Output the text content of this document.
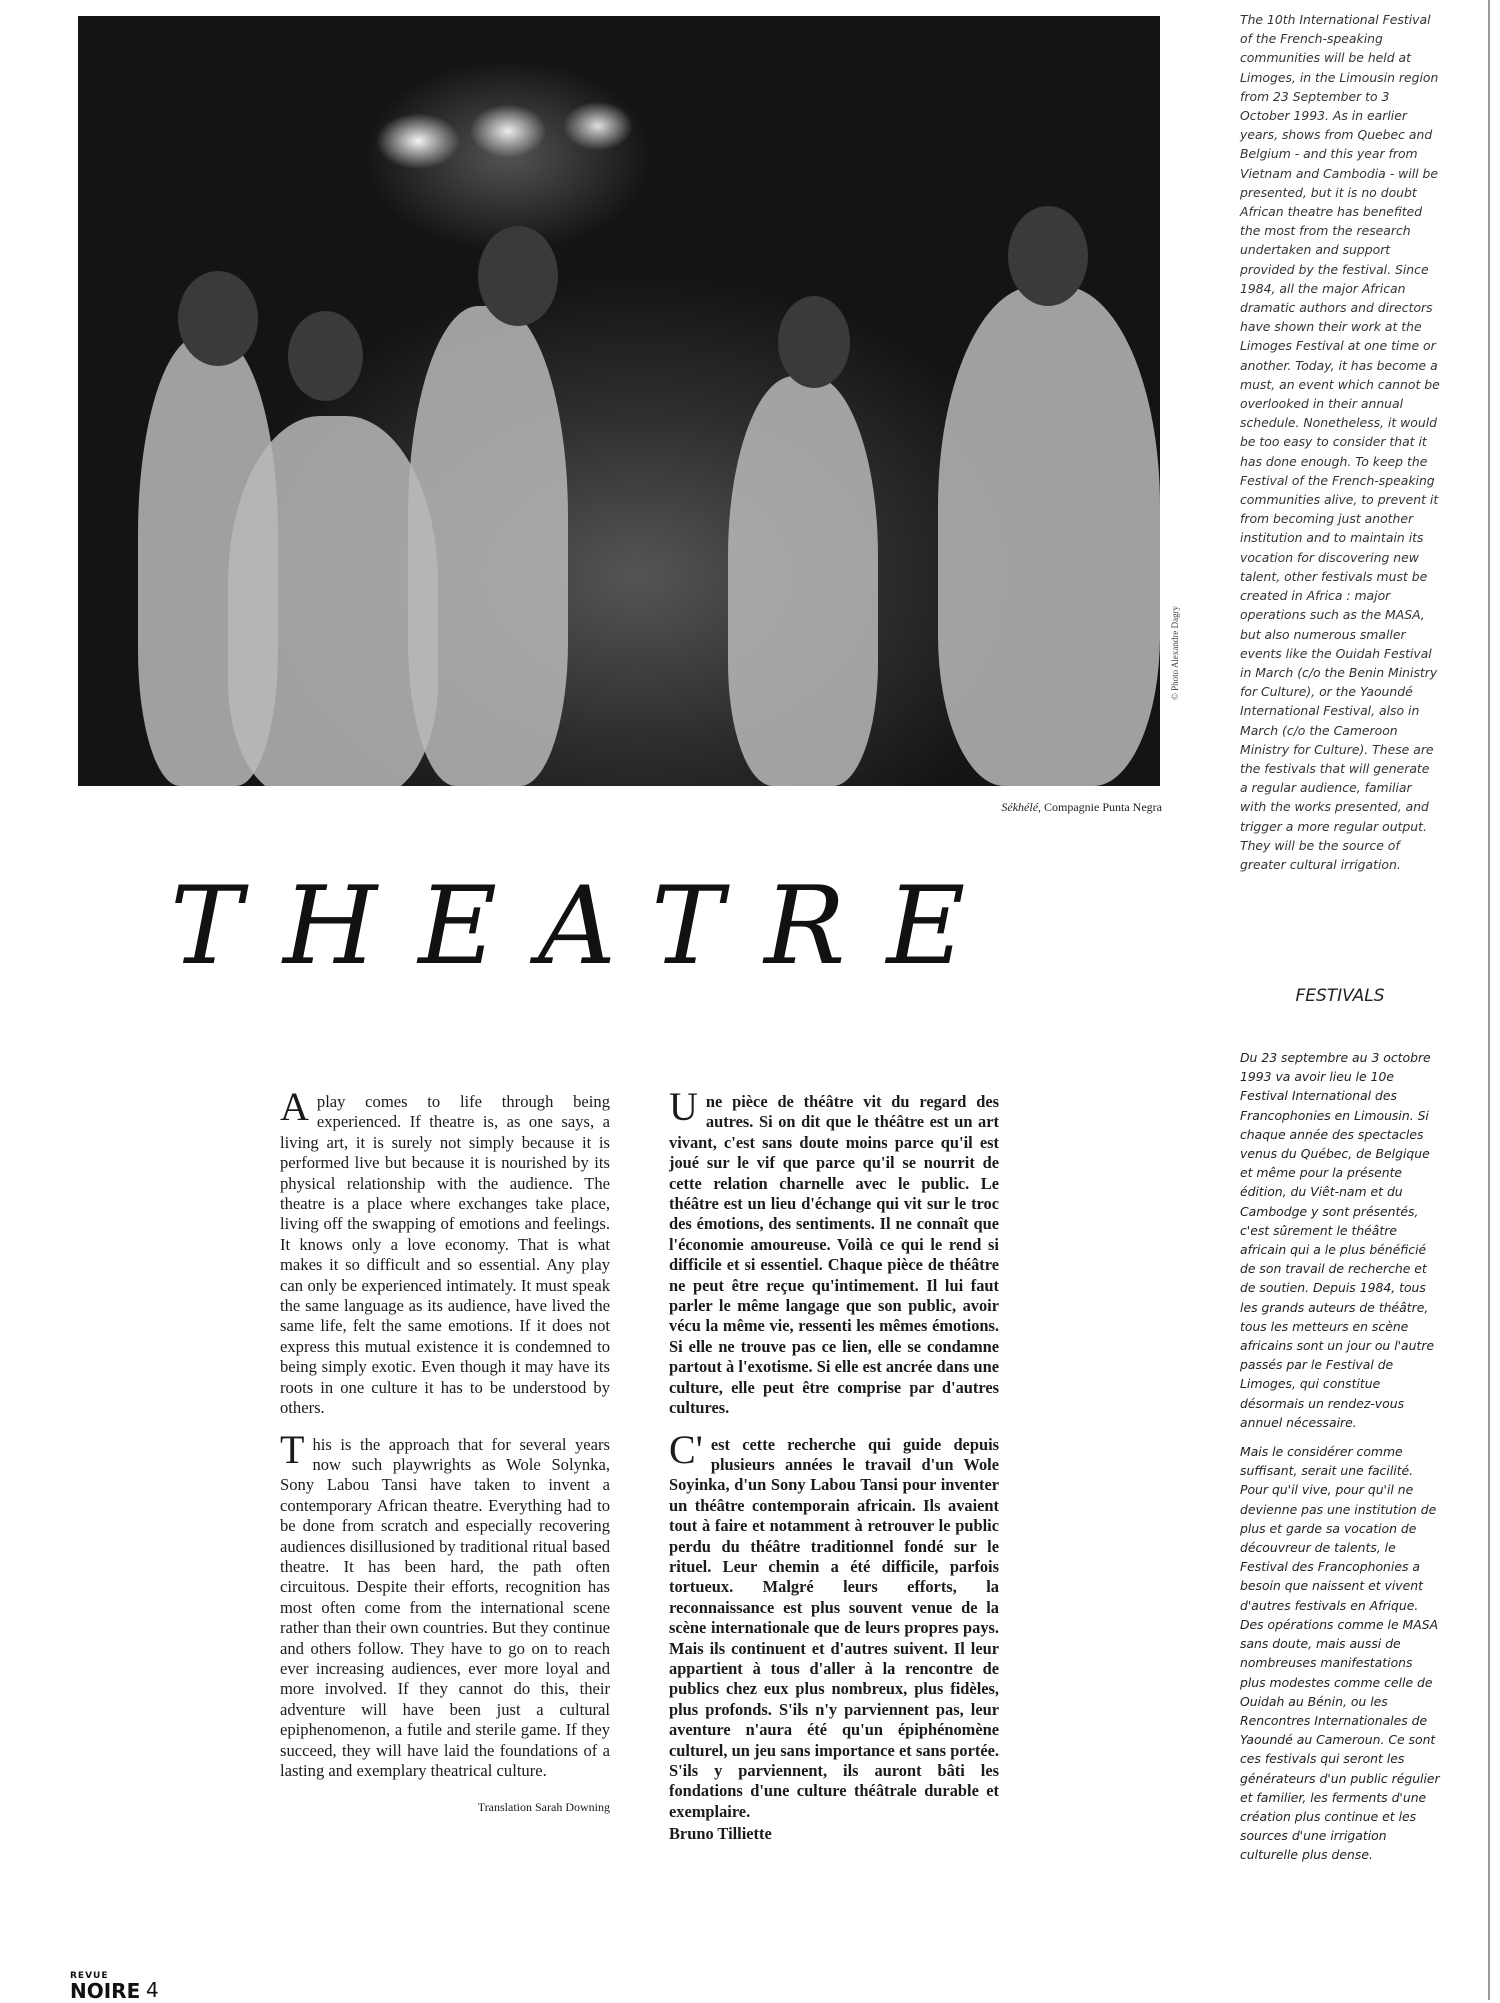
© Photo Alexandre Dagry
Sékhélé, Compagnie Punta Negra
THEATRE
The 10th International Festival of the French-speaking communities will be held at Limoges, in the Limousin region from 23 September to 3 October 1993. As in earlier years, shows from Quebec and Belgium - and this year from Vietnam and Cambodia - will be presented, but it is no doubt African theatre has benefited the most from the research undertaken and support provided by the festival. Since 1984, all the major African dramatic authors and directors have shown their work at the Limoges Festival at one time or another. Today, it has become a must, an event which cannot be overlooked in their annual schedule. Nonetheless, it would be too easy to consider that it has done enough. To keep the Festival of the French-speaking communities alive, to prevent it from becoming just another institution and to maintain its vocation for discovering new talent, other festivals must be created in Africa : major operations such as the MASA, but also numerous smaller events like the Ouidah Festival in March (c/o the Benin Ministry for Culture), or the Yaoundé International Festival, also in March (c/o the Cameroon Ministry for Culture). These are the festivals that will generate a regular audience, familiar with the works presented, and trigger a more regular output. They will be the source of greater cultural irrigation.
FESTIVALS

Du 23 septembre au 3 octobre 1993 va avoir lieu le 10e Festival International des Francophonies en Limousin. Si chaque année des spectacles venus du Québec, de Belgique et même pour la présente édition, du Viêt-nam et du Cambodge y sont présentés, c'est sûrement le théâtre africain qui a le plus bénéficié de son travail de recherche et de soutien. Depuis 1984, tous les grands auteurs de théâtre, tous les metteurs en scène africains sont un jour ou l'autre passés par le Festival de Limoges, qui constitue désormais un rendez-vous annuel nécessaire.

Mais le considérer comme suffisant, serait une facilité. Pour qu'il vive, pour qu'il ne devienne pas une institution de plus et garde sa vocation de découvreur de talents, le Festival des Francophonies a besoin que naissent et vivent d'autres festivals en Afrique. Des opérations comme le MASA sans doute, mais aussi de nombreuses manifestations plus modestes comme celle de Ouidah au Bénin, ou les Rencontres Internationales de Yaoundé au Cameroun. Ce sont ces festivals qui seront les générateurs d'un public régulier et familier, les ferments d'une création plus continue et les sources d'une irrigation culturelle plus dense.

Aplay comes to life through being experienced. If theatre is, as one says, a living art, it is surely not simply because it is performed live but because it is nourished by its physical relationship with the audience. The theatre is a place where exchanges take place, living off the swapping of emotions and feelings. It knows only a love economy. That is what makes it so difficult and so essential. Any play can only be experienced intimately. It must speak the same language as its audience, have lived the same life, felt the same emotions. If it does not express this mutual existence it is condemned to being simply exotic. Even though it may have its roots in one culture it has to be understood by others.

This is the approach that for several years now such playwrights as Wole Solynka, Sony Labou Tansi have taken to invent a contemporary African theatre. Everything had to be done from scratch and especially recovering audiences disillusioned by traditional ritual based theatre. It has been hard, the path often circuitous. Despite their efforts, recognition has most often come from the international scene rather than their own countries. But they continue and others follow. They have to go on to reach ever increasing audiences, ever more loyal and more involved. If they cannot do this, their adventure will have been just a cultural epiphenomenon, a futile and sterile game. If they succeed, they will have laid the foundations of a lasting and exemplary theatrical culture.

Translation Sarah Downing

Une pièce de théâtre vit du regard des autres. Si on dit que le théâtre est un art vivant, c'est sans doute moins parce qu'il est joué sur le vif que parce qu'il se nourrit de cette relation charnelle avec le public. Le théâtre est un lieu d'échange qui vit sur le troc des émotions, des sentiments. Il ne connaît que l'économie amoureuse. Voilà ce qui le rend si difficile et si essentiel. Chaque pièce de théâtre ne peut être reçue qu'intimement. Il lui faut parler le même langage que son public, avoir vécu la même vie, ressenti les mêmes émotions. Si elle ne trouve pas ce lien, elle se condamne partout à l'exotisme. Si elle est ancrée dans une culture, elle peut être comprise par d'autres cultures.

C' est cette recherche qui guide depuis plusieurs années le travail d'un Wole Soyinka, d'un Sony Labou Tansi pour inventer un théâtre contemporain africain. Ils avaient tout à faire et notamment à retrouver le public perdu du théâtre traditionnel fondé sur le rituel. Leur chemin a été difficile, parfois tortueux. Malgré leurs efforts, la reconnaissance est plus souvent venue de la scène internationale que de leurs propres pays. Mais ils continuent et d'autres suivent. Il leur appartient à tous d'aller à la rencontre de publics chez eux plus nombreux, plus fidèles, plus profonds. S'ils n'y parviennent pas, leur aventure n'aura été qu'un épiphénomène culturel, un jeu sans importance et sans portée. S'ils y parviennent, ils auront bâti les fondations d'une culture théâtrale durable et exemplaire.

Bruno Tilliette
REVUE
NOIRE 4
